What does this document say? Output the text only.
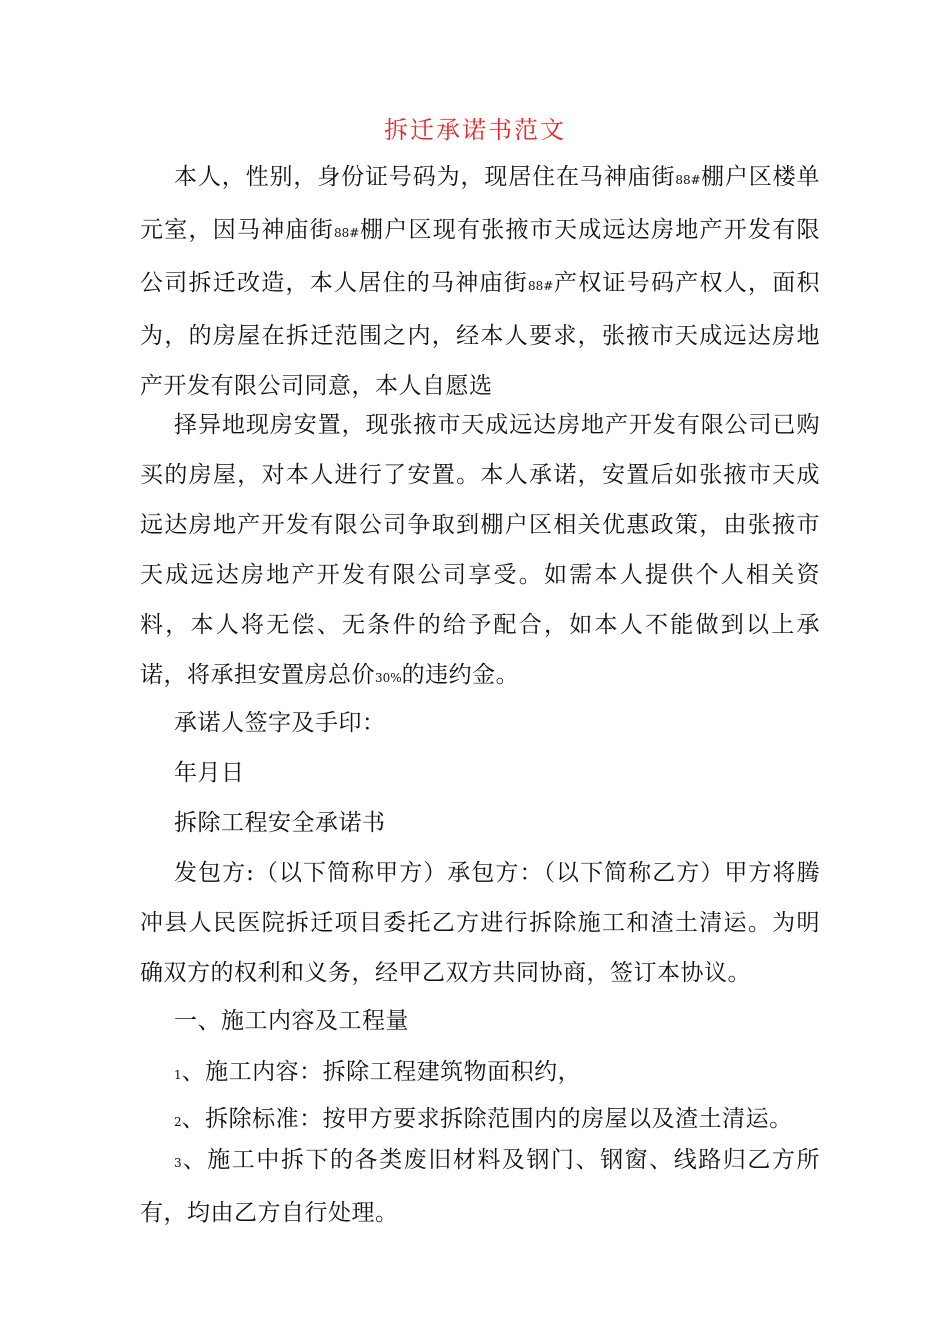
拆迁承诺书范文

本人，性别，身份证号码为，现居住在马神庙街88#棚户区楼单元室，因马神庙街88#棚户区现有张掖市天成远达房地产开发有限公司拆迁改造，本人居住的马神庙街88#产权证号码产权人，面积为，的房屋在拆迁范围之内，经本人要求，张掖市天成远达房地产开发有限公司同意，本人自愿选

择异地现房安置，现张掖市天成远达房地产开发有限公司已购买的房屋，对本人进行了安置。本人承诺，安置后如张掖市天成远达房地产开发有限公司争取到棚户区相关优惠政策，由张掖市天成远达房地产开发有限公司享受。如需本人提供个人相关资料，本人将无偿、无条件的给予配合，如本人不能做到以上承诺，将承担安置房总价30%的违约金。

承诺人签字及手印：

年月日

拆除工程安全承诺书

发包方:（以下简称甲方）承包方：（以下简称乙方）甲方将腾冲县人民医院拆迁项目委托乙方进行拆除施工和渣土清运。为明确双方的权利和义务，经甲乙双方共同协商，签订本协议。

一、施工内容及工程量

1、施工内容：拆除工程建筑物面积约，

2、拆除标准：按甲方要求拆除范围内的房屋以及渣土清运。

3、施工中拆下的各类废旧材料及钢门、钢窗、线路归乙方所有，均由乙方自行处理。
